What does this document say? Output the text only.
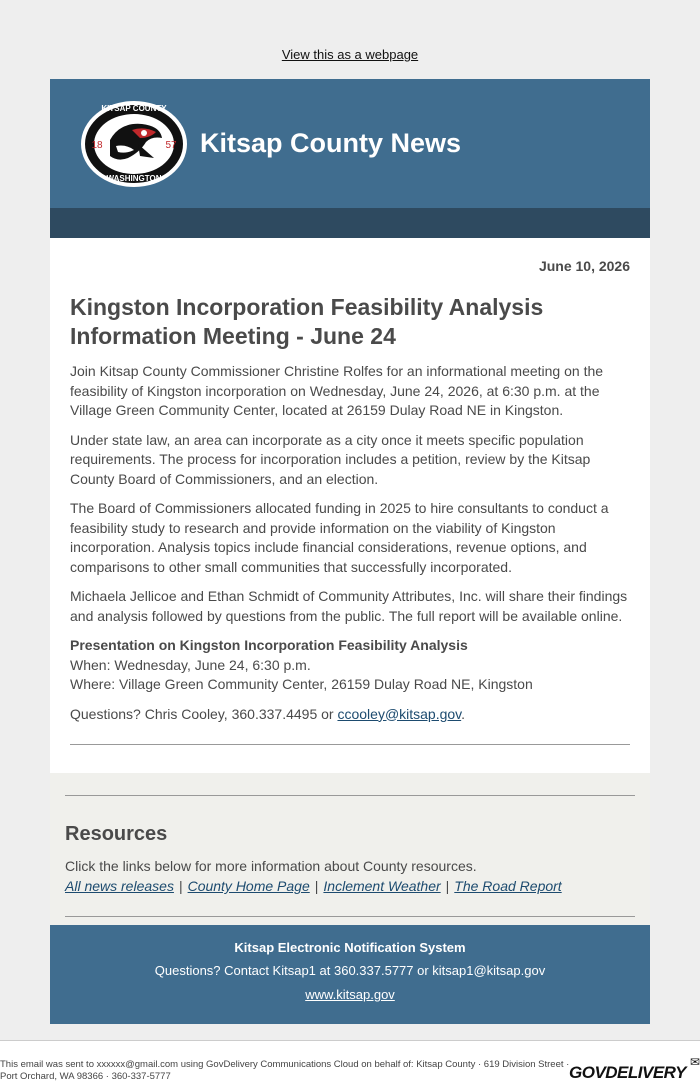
View this as a webpage
KITSAP COUNTY
WASHINGTON
18	57 Kitsap County News
June 10, 2026
Kingston Incorporation Feasibility Analysis Information Meeting - June 24

Join Kitsap County Commissioner Christine Rolfes for an informational meeting on the feasibility of Kingston incorporation on Wednesday, June 24, 2026, at 6:30 p.m. at the Village Green Community Center, located at 26159 Dulay Road NE in Kingston.

Under state law, an area can incorporate as a city once it meets specific population requirements. The process for incorporation includes a petition, review by the Kitsap County Board of Commissioners, and an election.

The Board of Commissioners allocated funding in 2025 to hire consultants to conduct a feasibility study to research and provide information on the viability of Kingston incorporation. Analysis topics include financial considerations, revenue options, and comparisons to other small communities that successfully incorporated.

Michaela Jellicoe and Ethan Schmidt of Community Attributes, Inc. will share their findings and analysis followed by questions from the public. The full report will be available online.

Presentation on Kingston Incorporation Feasibility Analysis
When: Wednesday, June 24, 6:30 p.m.
Where: Village Green Community Center, 26159 Dulay Road NE, Kingston

Questions? Chris Cooley, 360.337.4495 or ccooley@kitsap.gov.

Resources

Click the links below for more information about County resources.

All news releases | County Home Page | Inclement Weather | The Road Report

Kitsap Electronic Notification System
Questions? Contact Kitsap1 at 360.337.5777 or kitsap1@kitsap.gov
www.kitsap.gov
This email was sent to xxxxxx@gmail.com using GovDelivery Communications Cloud on behalf of: Kitsap County · 619 Division Street · Port Orchard, WA 98366 · 360-337-5777
✉
GOVDELIVERY
